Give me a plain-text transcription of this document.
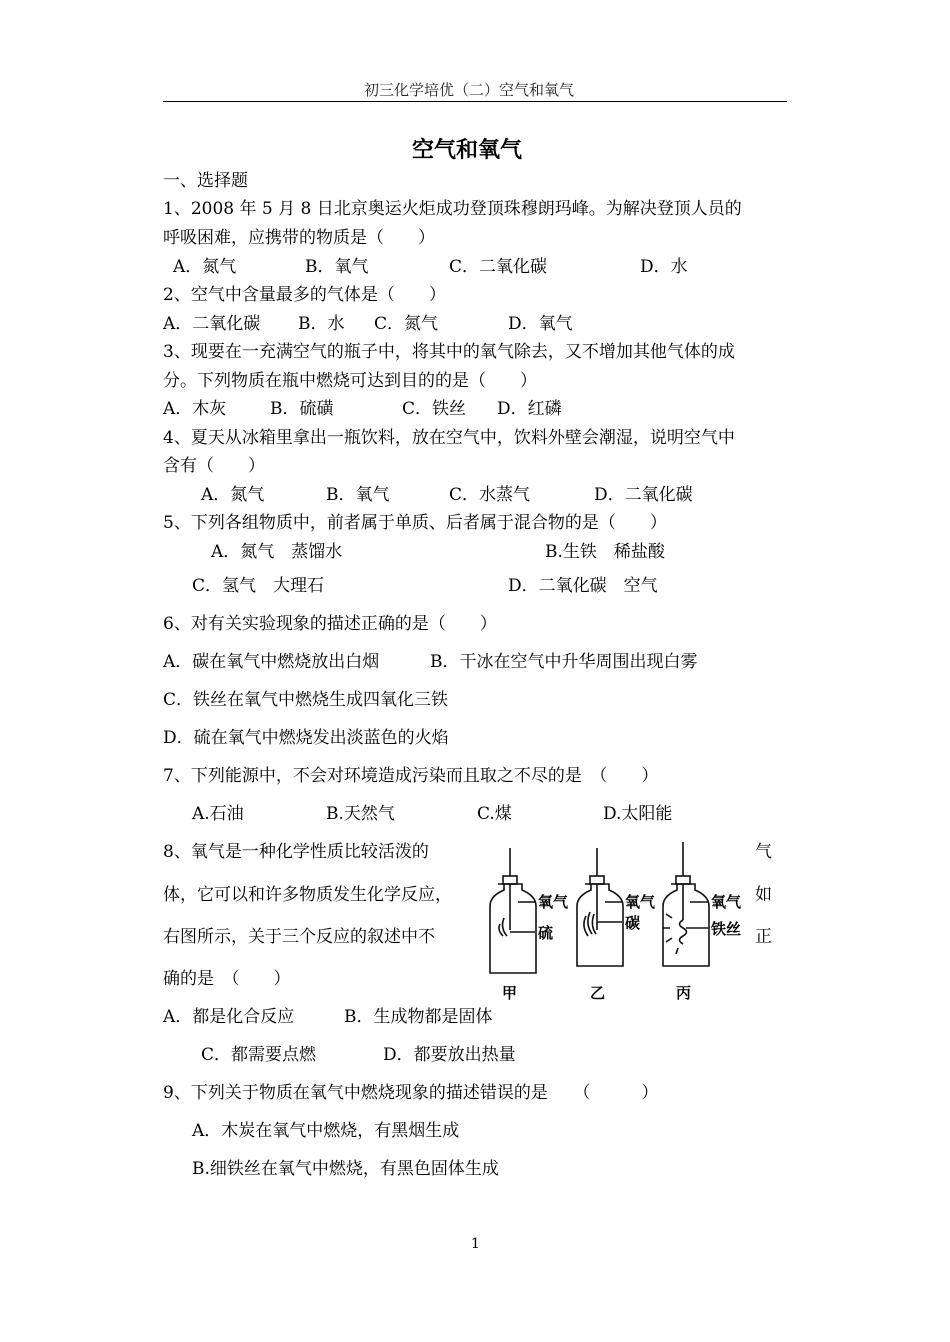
初三化学培优（二）空气和氧气
空气和氧气
一、选择题
1、2008 年 5 月 8 日北京奥运火炬成功登顶珠穆朗玛峰。为解决登顶人员的
呼吸困难，应携带的物质是（　　）
A．氮气	B．氧气	C．二氧化碳	D．水
2、空气中含量最多的气体是（　　）
A．二氧化碳 B．水 C．氮气	D．氧气
3、现要在一充满空气的瓶子中，将其中的氧气除去，又不增加其他气体的成
分。下列物质在瓶中燃烧可达到目的的是（　　）
A．木灰	B．硫磺	C．铁丝 D．红磷
4、夏天从冰箱里拿出一瓶饮料，放在空气中，饮料外壁会潮湿，说明空气中
含有（　　）
A．氮气	B．氧气	C．水蒸气	D．二氧化碳
5、下列各组物质中，前者属于单质、后者属于混合物的是（　　）
A．氮气　蒸馏水	B.生铁　稀盐酸
C．氢气　大理石	D．二氧化碳　空气
6、对有关实验现象的描述正确的是（　　）
A．碳在氧气中燃烧放出白烟	B．干冰在空气中升华周围出现白雾
C．铁丝在氧气中燃烧生成四氧化三铁
D．硫在氧气中燃烧发出淡蓝色的火焰
7、下列能源中，不会对环境造成污染而且取之不尽的是　（　　）
A.石油	B.天然气	C.煤	D.太阳能
8、氧气是一种化学性质比较活泼的	气
体，它可以和许多物质发生化学反应，	如
右图所示，关于三个反应的叙述中不	正
确的是　（　　）
氧气
硫
氧气
碳
氧气
铁丝
甲	乙	丙
A．都是化合反应	B．生成物都是固体
C．都需要点燃	D．都要放出热量
9、下列关于物质在氧气中燃烧现象的描述错误的是　　（　　　）
A．木炭在氧气中燃烧，有黑烟生成
B.细铁丝在氧气中燃烧，有黑色固体生成
1
